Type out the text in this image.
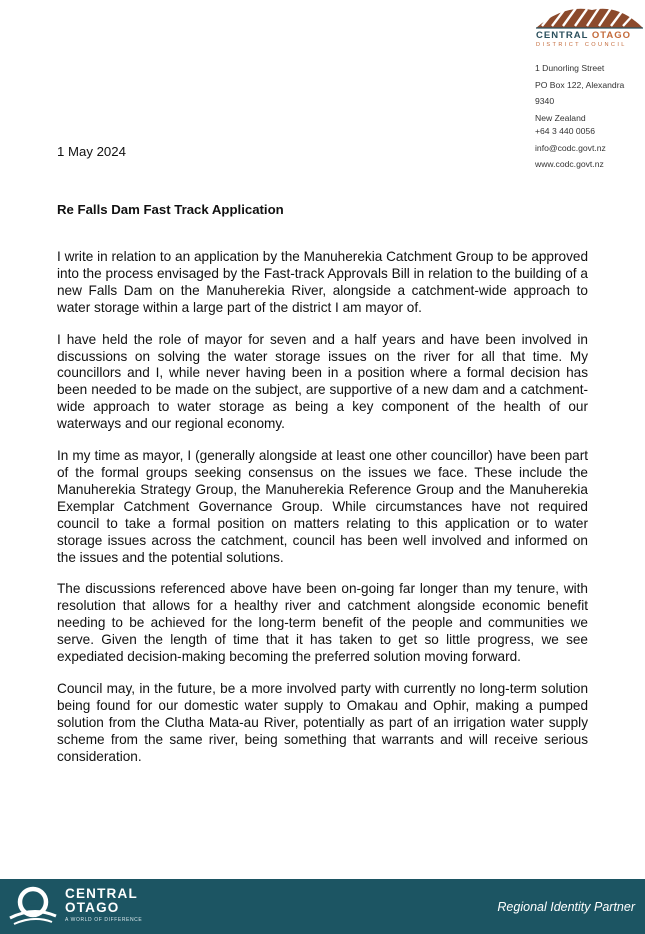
CENTRAL OTAGO
DISTRICT COUNCIL
1 Dunorling Street
PO Box 122, Alexandra 9340
New Zealand
+64 3 440 0056
info@codc.govt.nz
www.codc.govt.nz
1 May 2024
Re Falls Dam Fast Track Application

I write in relation to an application by the Manuherekia Catchment Group to be approved into the process envisaged by the Fast-track Approvals Bill in relation to the building of a new Falls Dam on the Manuherekia River, alongside a catchment-wide approach to water storage within a large part of the district I am mayor of.

I have held the role of mayor for seven and a half years and have been involved in discussions on solving the water storage issues on the river for all that time. My councillors and I, while never having been in a position where a formal decision has been needed to be made on the subject, are supportive of a new dam and a catchment-wide approach to water storage as being a key component of the health of our waterways and our regional economy.

In my time as mayor, I (generally alongside at least one other councillor) have been part of the formal groups seeking consensus on the issues we face. These include the Manuherekia Strategy Group, the Manuherekia Reference Group and the Manuherekia Exemplar Catchment Governance Group. While circumstances have not required council to take a formal position on matters relating to this application or to water storage issues across the catchment, council has been well involved and informed on the issues and the potential solutions.

The discussions referenced above have been on-going far longer than my tenure, with resolution that allows for a healthy river and catchment alongside economic benefit needing to be achieved for the long-term benefit of the people and communities we serve. Given the length of time that it has taken to get so little progress, we see expediated decision-making becoming the preferred solution moving forward.

Council may, in the future, be a more involved party with currently no long-term solution being found for our domestic water supply to Omakau and Ophir, making a pumped solution from the Clutha Mata-au River, potentially as part of an irrigation water supply scheme from the same river, being something that warrants and will receive serious consideration.

CENTRAL
OTAGO
A WORLD OF DIFFERENCE
Regional Identity Partner
